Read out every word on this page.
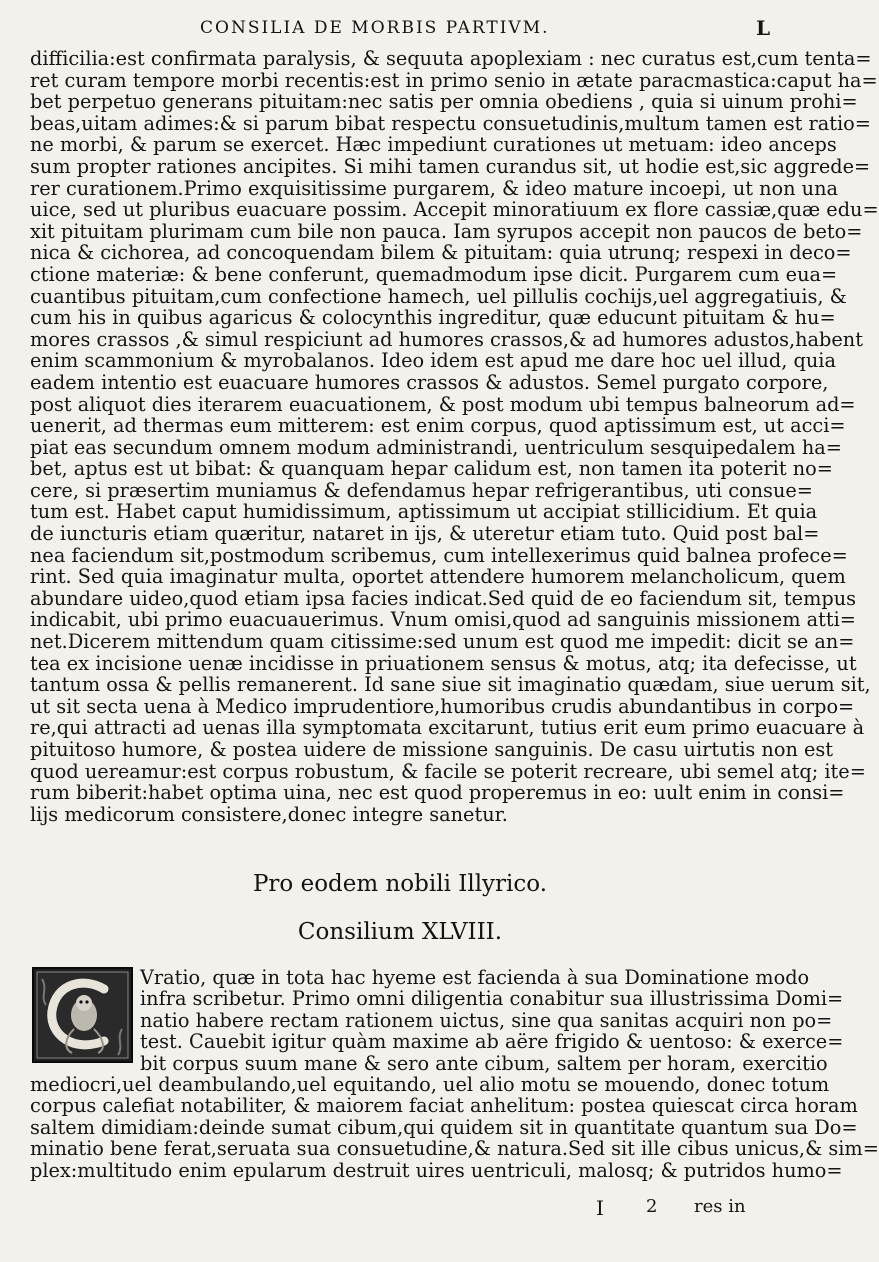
CONSILIA DE MORBIS PARTIVM.	L
difficilia:est confirmata paralysis, & sequuta apoplexiam : nec curatus est,cum tenta=
ret curam tempore morbi recentis:est in primo senio in ætate paracmastica:caput ha=
bet perpetuo generans pituitam:nec satis per omnia obediens , quia si uinum prohi=
beas,uitam adimes:& si parum bibat respectu consuetudinis,multum tamen est ratio=
ne morbi, & parum se exercet. Hæc impediunt curationes ut metuam: ideo anceps
sum propter rationes ancipites. Si mihi tamen curandus sit, ut hodie est,sic aggrede=
rer curationem.Primo exquisitissime purgarem, & ideo mature incoepi, ut non una
uice, sed ut pluribus euacuare possim. Accepit minoratiuum ex flore cassiæ,quæ edu=
xit pituitam plurimam cum bile non pauca. Iam syrupos accepit non paucos de beto=
nica & cichorea, ad concoquendam bilem & pituitam: quia utrunq; respexi in deco=
ctione materiæ: & bene conferunt, quemadmodum ipse dicit. Purgarem cum eua=
cuantibus pituitam,cum confectione hamech, uel pillulis cochijs,uel aggregatiuis, &
cum his in quibus agaricus & colocynthis ingreditur, quæ educunt pituitam & hu=
mores crassos ,& simul respiciunt ad humores crassos,& ad humores adustos,habent
enim scammonium & myrobalanos. Ideo idem est apud me dare hoc uel illud, quia
eadem intentio est euacuare humores crassos & adustos. Semel purgato corpore,
post aliquot dies iterarem euacuationem, & post modum ubi tempus balneorum ad=
uenerit, ad thermas eum mitterem: est enim corpus, quod aptissimum est, ut acci=
piat eas secundum omnem modum administrandi, uentriculum sesquipedalem ha=
bet, aptus est ut bibat: & quanquam hepar calidum est, non tamen ita poterit no=
cere, si præsertim muniamus & defendamus hepar refrigerantibus, uti consue=
tum est. Habet caput humidissimum, aptissimum ut accipiat stillicidium. Et quia
de iuncturis etiam quæritur, nataret in ijs, & uteretur etiam tuto. Quid post bal=
nea faciendum sit,postmodum scribemus, cum intellexerimus quid balnea profece=
rint. Sed quia imaginatur multa, oportet attendere humorem melancholicum, quem
abundare uideo,quod etiam ipsa facies indicat.Sed quid de eo faciendum sit, tempus
indicabit, ubi primo euacuauerimus. Vnum omisi,quod ad sanguinis missionem atti=
net.Dicerem mittendum quam citissime:sed unum est quod me impedit: dicit se an=
tea ex incisione uenæ incidisse in priuationem sensus & motus, atq; ita defecisse, ut
tantum ossa & pellis remanerent. Id sane siue sit imaginatio quædam, siue uerum sit,
ut sit secta uena à Medico imprudentiore,humoribus crudis abundantibus in corpo=
re,qui attracti ad uenas illa symptomata excitarunt, tutius erit eum primo euacuare à
pituitoso humore, & postea uidere de missione sanguinis. De casu uirtutis non est
quod uereamur:est corpus robustum, & facile se poterit recreare, ubi semel atq; ite=
rum biberit:habet optima uina, nec est quod properemus in eo: uult enim in consi=
lijs medicorum consistere,donec integre sanetur.
Pro eodem nobili Illyrico.
Consilium XLVIII.
Vratio, quæ in tota hac hyeme est facienda à sua Dominatione modo
infra scribetur. Primo omni diligentia conabitur sua illustrissima Domi=
natio habere rectam rationem uictus, sine qua sanitas acquiri non po=
test. Cauebit igitur quàm maxime ab aëre frigido & uentoso: & exerce=
bit corpus suum mane & sero ante cibum, saltem per horam, exercitio
mediocri,uel deambulando,uel equitando, uel alio motu se mouendo, donec totum
corpus calefiat notabiliter, & maiorem faciat anhelitum: postea quiescat circa horam
saltem dimidiam:deinde sumat cibum,qui quidem sit in quantitate quantum sua Do=
minatio bene ferat,seruata sua consuetudine,& natura.Sed sit ille cibus unicus,& sim=
plex:multitudo enim epularum destruit uires uentriculi, malosq; & putridos humo=
I 2 res in
